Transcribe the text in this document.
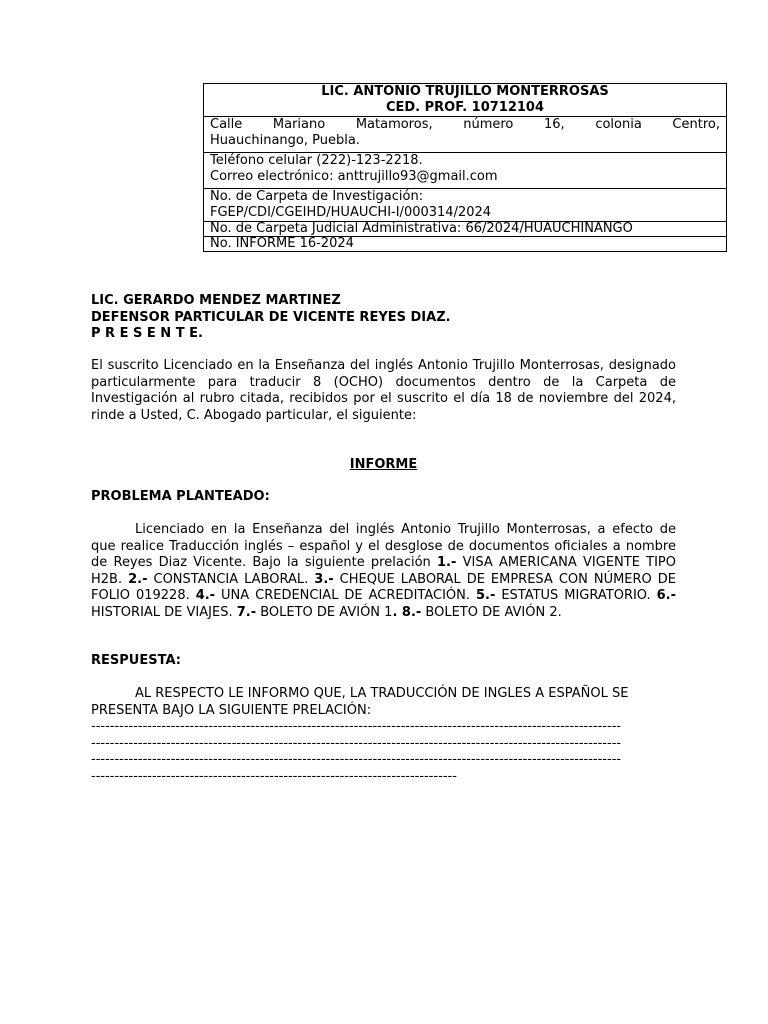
LIC. ANTONIO TRUJILLO MONTERROSAS
CED. PROF. 10712104

Calle Mariano Matamoros, número 16, colonia Centro,
Huauchinango, Puebla.

Teléfono celular (222)-123-2218.
Correo electrónico: anttrujillo93@gmail.com

No. de Carpeta de Investigación:
FGEP/CDI/CGEIHD/HUAUCHI-I/000314/2024

No. de Carpeta Judicial Administrativa: 66/2024/HUAUCHINANGO
No. INFORME 16-2024
LIC. GERARDO MENDEZ MARTINEZ
DEFENSOR PARTICULAR DE VICENTE REYES DIAZ.
P R E S E N T E.
El suscrito Licenciado en la Enseñanza del inglés Antonio Trujillo Monterrosas, designado particularmente para traducir 8 (OCHO) documentos dentro de la Carpeta de Investigación al rubro citada, recibidos por el suscrito el día 18 de noviembre del 2024, rinde a Usted, C. Abogado particular, el siguiente:
INFORME
PROBLEMA PLANTEADO:
Licenciado en la Enseñanza del inglés Antonio Trujillo Monterrosas, a efecto de que realice Traducción inglés – español y el desglose de documentos oficiales a nombre de Reyes Diaz Vicente. Bajo la siguiente prelación 1.- VISA AMERICANA VIGENTE TIPO H2B. 2.- CONSTANCIA LABORAL. 3.- CHEQUE LABORAL DE EMPRESA CON NÚMERO DE FOLIO 019228. 4.- UNA CREDENCIAL DE ACREDITACIÓN. 5.- ESTATUS MIGRATORIO. 6.- HISTORIAL DE VIAJES. 7.- BOLETO DE AVIÓN 1. 8.- BOLETO DE AVIÓN 2.
RESPUESTA:
AL RESPECTO LE INFORMO QUE, LA TRADUCCIÓN DE INGLES A ESPAÑOL SE PRESENTA BAJO LA SIGUIENTE PRELACIÓN:
-----------------------------------------------------------------------------------------------------------------
-----------------------------------------------------------------------------------------------------------------
-----------------------------------------------------------------------------------------------------------------
------------------------------------------------------------------------------
